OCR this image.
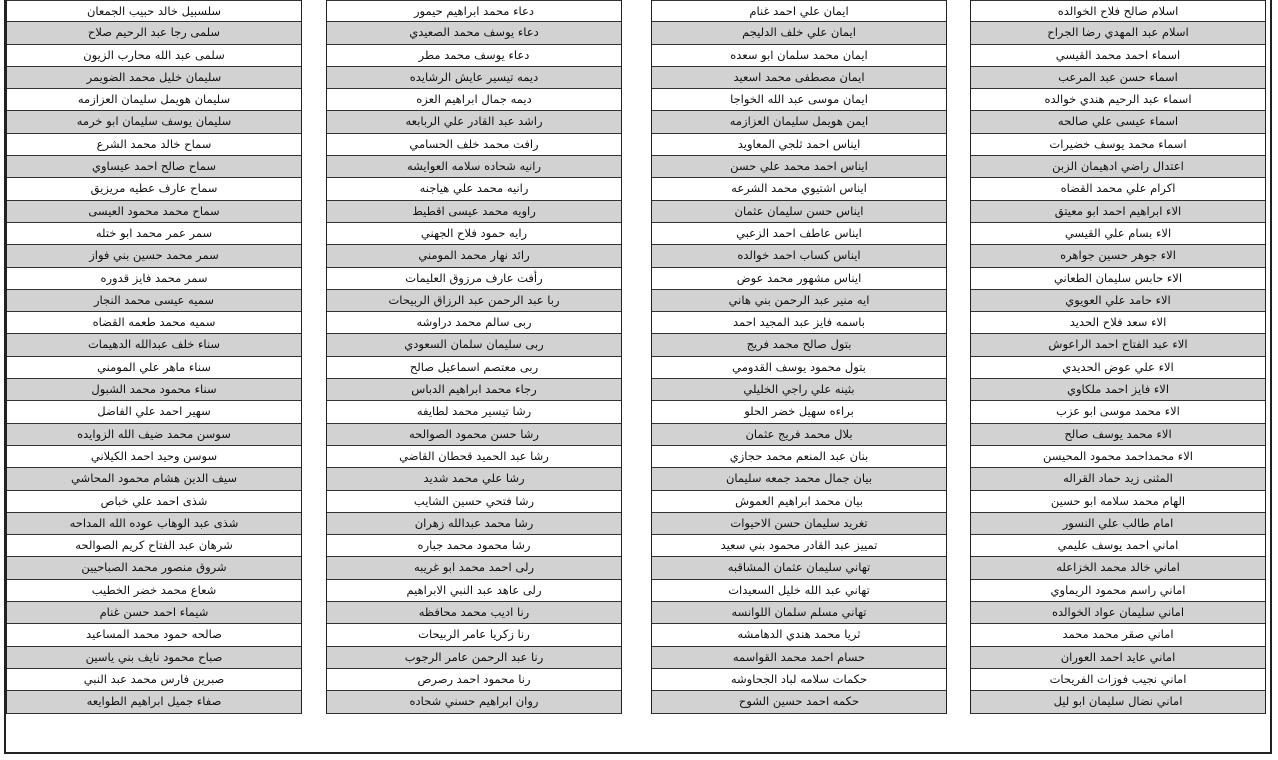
اسلام صالح فلاح الخوالده
اسلام عبد المهدي رضا الجراح
اسماء احمد محمد القيسي
اسماء حسن عبد المرعب
اسماء عبد الرحيم هندي خوالده
اسماء عيسى علي صالحه
اسماء محمد يوسف خضيرات
اعتدال راضي ادهيمان الزبن
اكرام علي محمد القضاه
الاء ابراهيم احمد ابو معيتق
الاء بسام علي القيسي
الاء جوهر حسين جواهره
الاء حابس سليمان الطعاني
الاء حامد علي العويوي
الاء سعد فلاح الحديد
الاء عبد الفتاح احمد الراعوش
الاء علي عوض الحديدي
الاء فايز احمد ملكاوي
الاء محمد موسى ابو عزب
الاء محمد يوسف صالح
الاء محمداحمد محمود المحيسن
المثنى زيد حماد القراله
الهام محمد سلامه ابو حسين
امام طالب علي النسور
اماني احمد يوسف عليمي
اماني خالد محمد الخزاعله
اماني راسم محمود الريماوي
اماني سليمان عواد الخوالده
اماني صقر محمد محمد
اماني عايد احمد العوران
اماني نجيب فوزات الفريحات
اماني نضال سليمان ابو ليل
ايمان علي احمد غنام
ايمان علي خلف الدليجم
ايمان محمد سلمان ابو سعده
ايمان مصطفى محمد اسعيد
ايمان موسى عبد الله الخواجا
ايمن هويمل سليمان العزازمه
ايناس احمد ثلجي المعاويد
ايناس احمد محمد علي حسن
ايناس اشتيوي محمد الشرعه
ايناس حسن سليمان عثمان
ايناس عاطف احمد الزعبي
ايناس كساب احمد خوالده
ايناس مشهور محمد عوض
ايه منير عبد الرحمن بني هاني
باسمه فايز عبد المجيد احمد
بتول صالح محمد فريج
بتول محمود يوسف القدومي
بثينه علي راجي الخليلي
براءه سهيل خضر الحلو
بلال محمد فريج عثمان
بنان عبد المنعم محمد حجازي
بيان جمال محمد جمعه سليمان
بيان محمد ابراهيم العموش
تغريد سليمان حسن الاحيوات
تمييز عبد القادر محمود بني سعيد
تهاني سليمان عثمان المشاقبه
تهاني عبد الله خليل السعيدات
تهاني مسلم سلمان اللوانسه
ثريا محمد هندي الدهامشه
حسام احمد محمد القواسمه
حكمات سلامه لباد الجحاوشه
حكمه احمد حسين الشوح
دعاء محمد ابراهيم حيمور
دعاء يوسف محمد الصعيدي
دعاء يوسف محمد مطر
ديمه تيسير عايش الرشايده
ديمه جمال ابراهيم العزه
راشد عبد القادر علي الربابعه
رافت محمد خلف الحسامي
رانيه شحاده سلامه العوايشه
رانيه محمد علي هياجنه
راويه محمد عيسى اقطيط
رايه حمود فلاح الجهني
رائد نهار محمد المومني
رأفت عارف مرزوق العليمات
ربا عبد الرحمن عبد الرزاق الربيحات
ربى سالم محمد دراوشه
ربى سليمان سلمان السعودي
ربى معتصم اسماعيل صالح
رجاء محمد ابراهيم الدباس
رشا تيسير محمد لطايفه
رشا حسن محمود الصوالحه
رشا عبد الحميد قحطان القاضي
رشا علي محمد شديد
رشا فتحي حسين الشايب
رشا محمد عبدالله زهران
رشا محمود محمد جباره
رلى احمد محمد ابو غريبه
رلى عاهد عبد النبي الابراهيم
رنا اديب محمد محافظه
رنا زكريا عامر الربيحات
رنا عبد الرحمن عامر الرجوب
رنا محمود احمد رصرص
روان ابراهيم حسني شحاده
سلسبيل خالد حبيب الجمعان
سلمى رجا عبد الرحيم صلاح
سلمى عبد الله محارب الزيون
سليمان خليل محمد الضويمر
سليمان هويمل سليمان العزازمه
سليمان يوسف سليمان ابو خرمه
سماح خالد محمد الشرع
سماح صالح احمد عيساوي
سماح عارف عطيه مريزيق
سماح محمد محمود العيسى
سمر عمر محمد ابو ختله
سمر محمد حسين بني فواز
سمر محمد فايز قدوره
سميه عيسى محمد النجار
سميه محمد طعمه القضاه
سناء خلف عبدالله الدهيمات
سناء ماهر علي المومني
سناء محمود محمد الشبول
سهير احمد علي الفاضل
سوسن محمد ضيف الله الزوايده
سوسن وحيد احمد الكيلاني
سيف الدين هشام محمود المحاشي
شذى احمد علي خباص
شذى عبد الوهاب عوده الله المداحه
شرهان عبد الفتاح كريم الصوالحه
شروق منصور محمد الصباحيين
شعاع محمد خضر الخطيب
شيماء احمد حسن غنام
صالحه حمود محمد المساعيد
صباح محمود نايف بني ياسين
صبرين فارس محمد عبد النبي
صفاء جميل ابراهيم الطوايعه
